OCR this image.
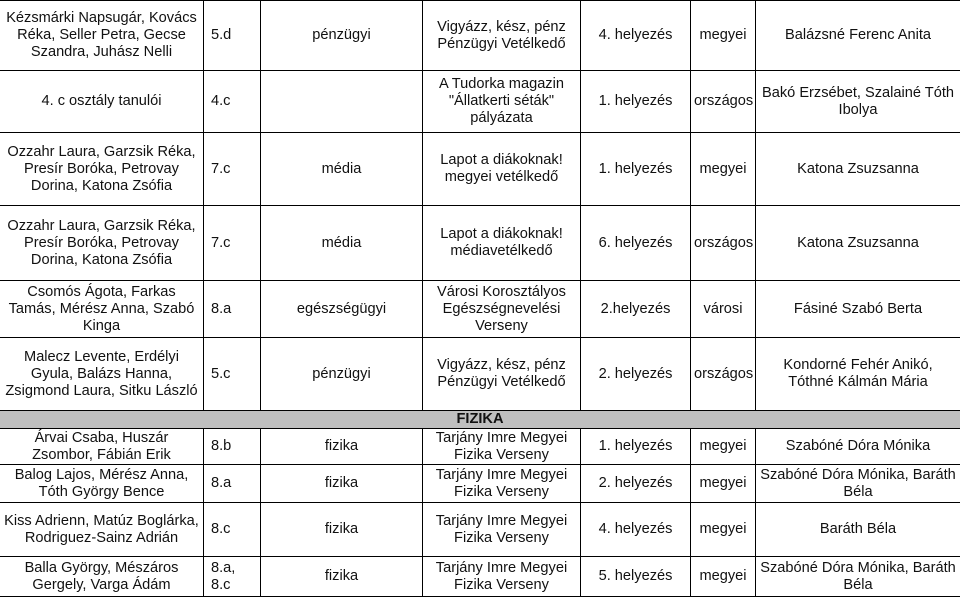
Kézsmárki Napsugár, Kovács Réka, Seller Petra, Gecse Szandra, Juhász Nelli	5.d	pénzügyi	Vigyázz, kész, pénz Pénzügyi Vetélkedő	4. helyezés	megyei	Balázsné Ferenc Anita
4. c osztály tanulói	4.c		A Tudorka magazin "Állatkerti séták" pályázata	1. helyezés	országos	Bakó Erzsébet, Szalainé Tóth Ibolya
Ozzahr Laura, Garzsik Réka, Presír Boróka, Petrovay Dorina, Katona Zsófia	7.c	média	Lapot a diákoknak! megyei vetélkedő	1. helyezés	megyei	Katona Zsuzsanna
Ozzahr Laura, Garzsik Réka, Presír Boróka, Petrovay Dorina, Katona Zsófia	7.c	média	Lapot a diákoknak! médiavetélkedő	6. helyezés	országos	Katona Zsuzsanna
Csomós Ágota, Farkas Tamás, Mérész Anna, Szabó Kinga	8.a	egészségügyi	Városi Korosztályos Egészségnevelési Verseny	2.helyezés	városi	Fásiné Szabó Berta
Malecz Levente, Erdélyi Gyula, Balázs Hanna, Zsigmond Laura, Sitku László	5.c	pénzügyi	Vigyázz, kész, pénz Pénzügyi Vetélkedő	2. helyezés	országos	Kondorné Fehér Anikó, Tóthné Kálmán Mária
FIZIKA						
Árvai Csaba, Huszár Zsombor, Fábián Erik	8.b	fizika	Tarjány Imre Megyei Fizika Verseny	1. helyezés	megyei	Szabóné Dóra Mónika
Balog Lajos, Mérész Anna, Tóth György Bence	8.a	fizika	Tarjány Imre Megyei Fizika Verseny	2. helyezés	megyei	Szabóné Dóra Mónika, Baráth Béla
Kiss Adrienn, Matúz Boglárka, Rodriguez-Sainz Adrián	8.c	fizika	Tarjány Imre Megyei Fizika Verseny	4. helyezés	megyei	Baráth Béla
Balla György, Mészáros Gergely, Varga Ádám	8.a, 8.c	fizika	Tarjány Imre Megyei Fizika Verseny	5. helyezés	megyei	Szabóné Dóra Mónika, Baráth Béla
